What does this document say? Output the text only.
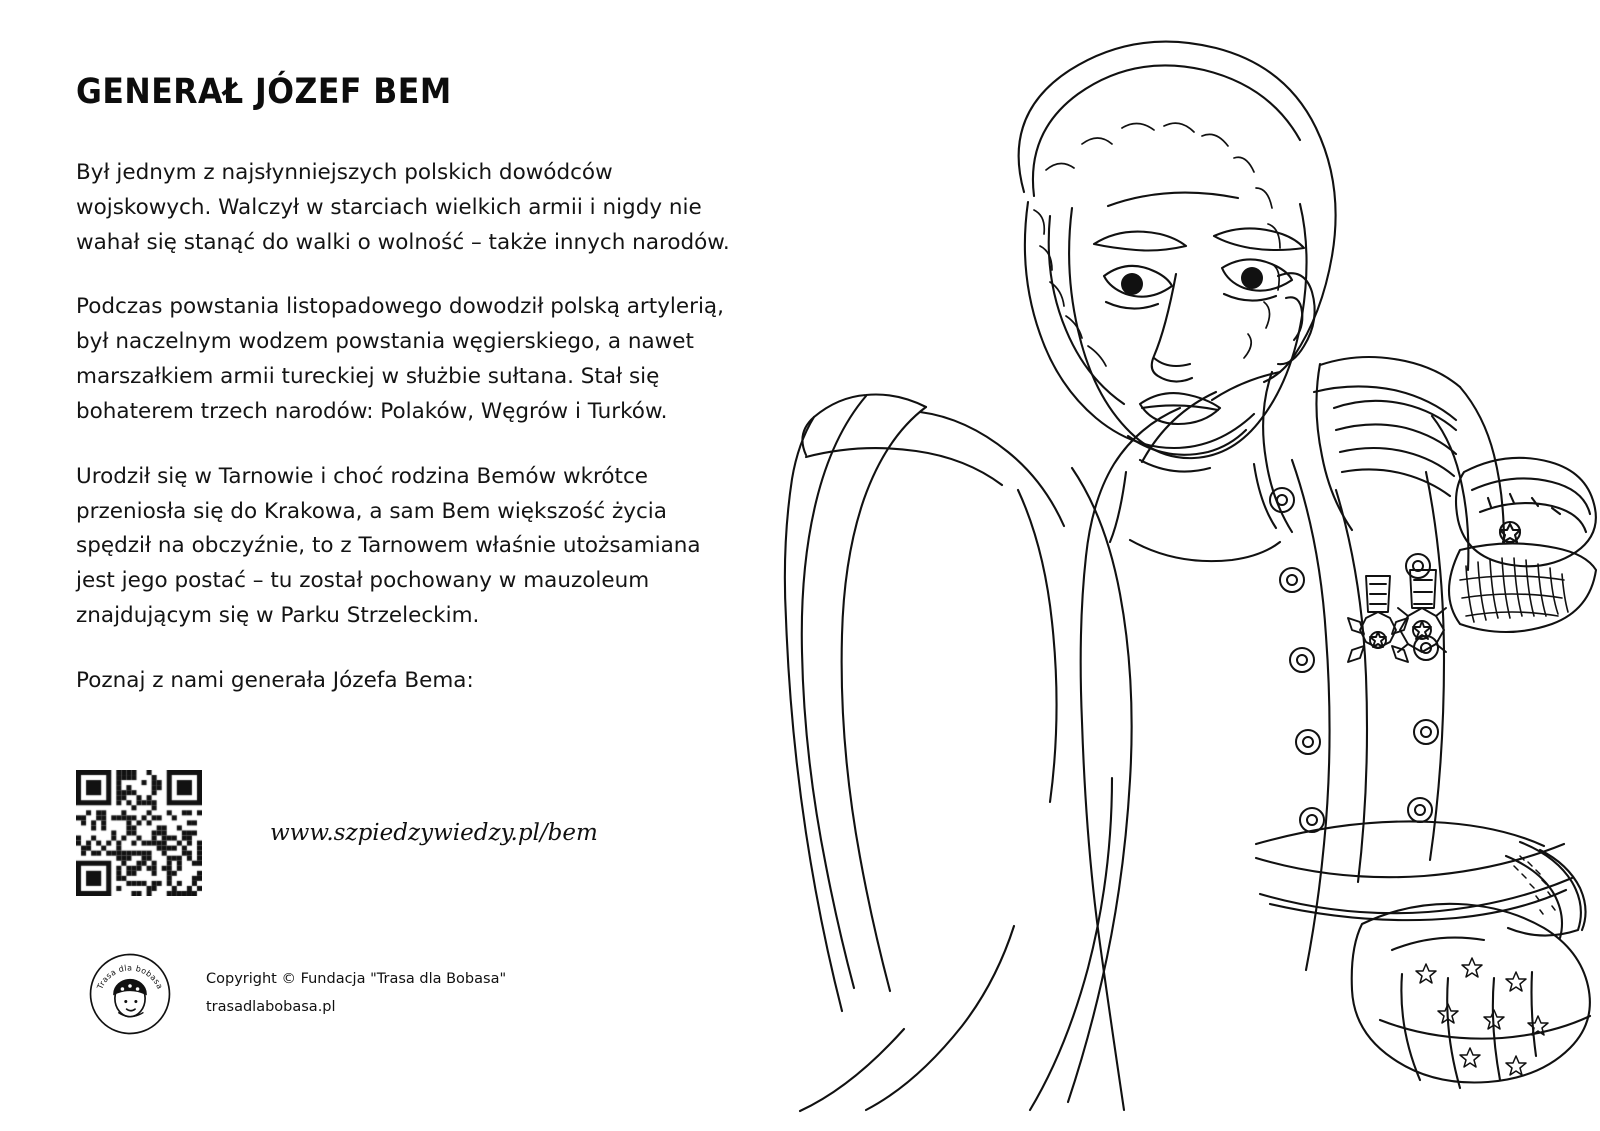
GENERAŁ JÓZEF BEM

Był jednym z najsłynniejszych polskich dowódców wojskowych. Walczył w starciach wielkich armii i nigdy nie wahał się stanąć do walki o wolność – także innych narodów.

Podczas powstania listopadowego dowodził polską artylerią, był naczelnym wodzem powstania węgierskiego, a nawet marszałkiem armii tureckiej w służbie sułtana. Stał się bohaterem trzech narodów: Polaków, Węgrów i Turków.

Urodził się w Tarnowie i choć rodzina Bemów wkrótce przeniosła się do Krakowa, a sam Bem większość życia spędził na obczyźnie, to z Tarnowem właśnie utożsamiana jest jego postać – tu został pochowany w mauzoleum znajdującym się w Parku Strzeleckim.

Poznaj z nami generała Józefa Bema:

www.szpiedzywiedzy.pl/bem
Trasa dla bobasa	Copyright © Fundacja "Trasa dla Bobasa"
trasadlabobasa.pl
